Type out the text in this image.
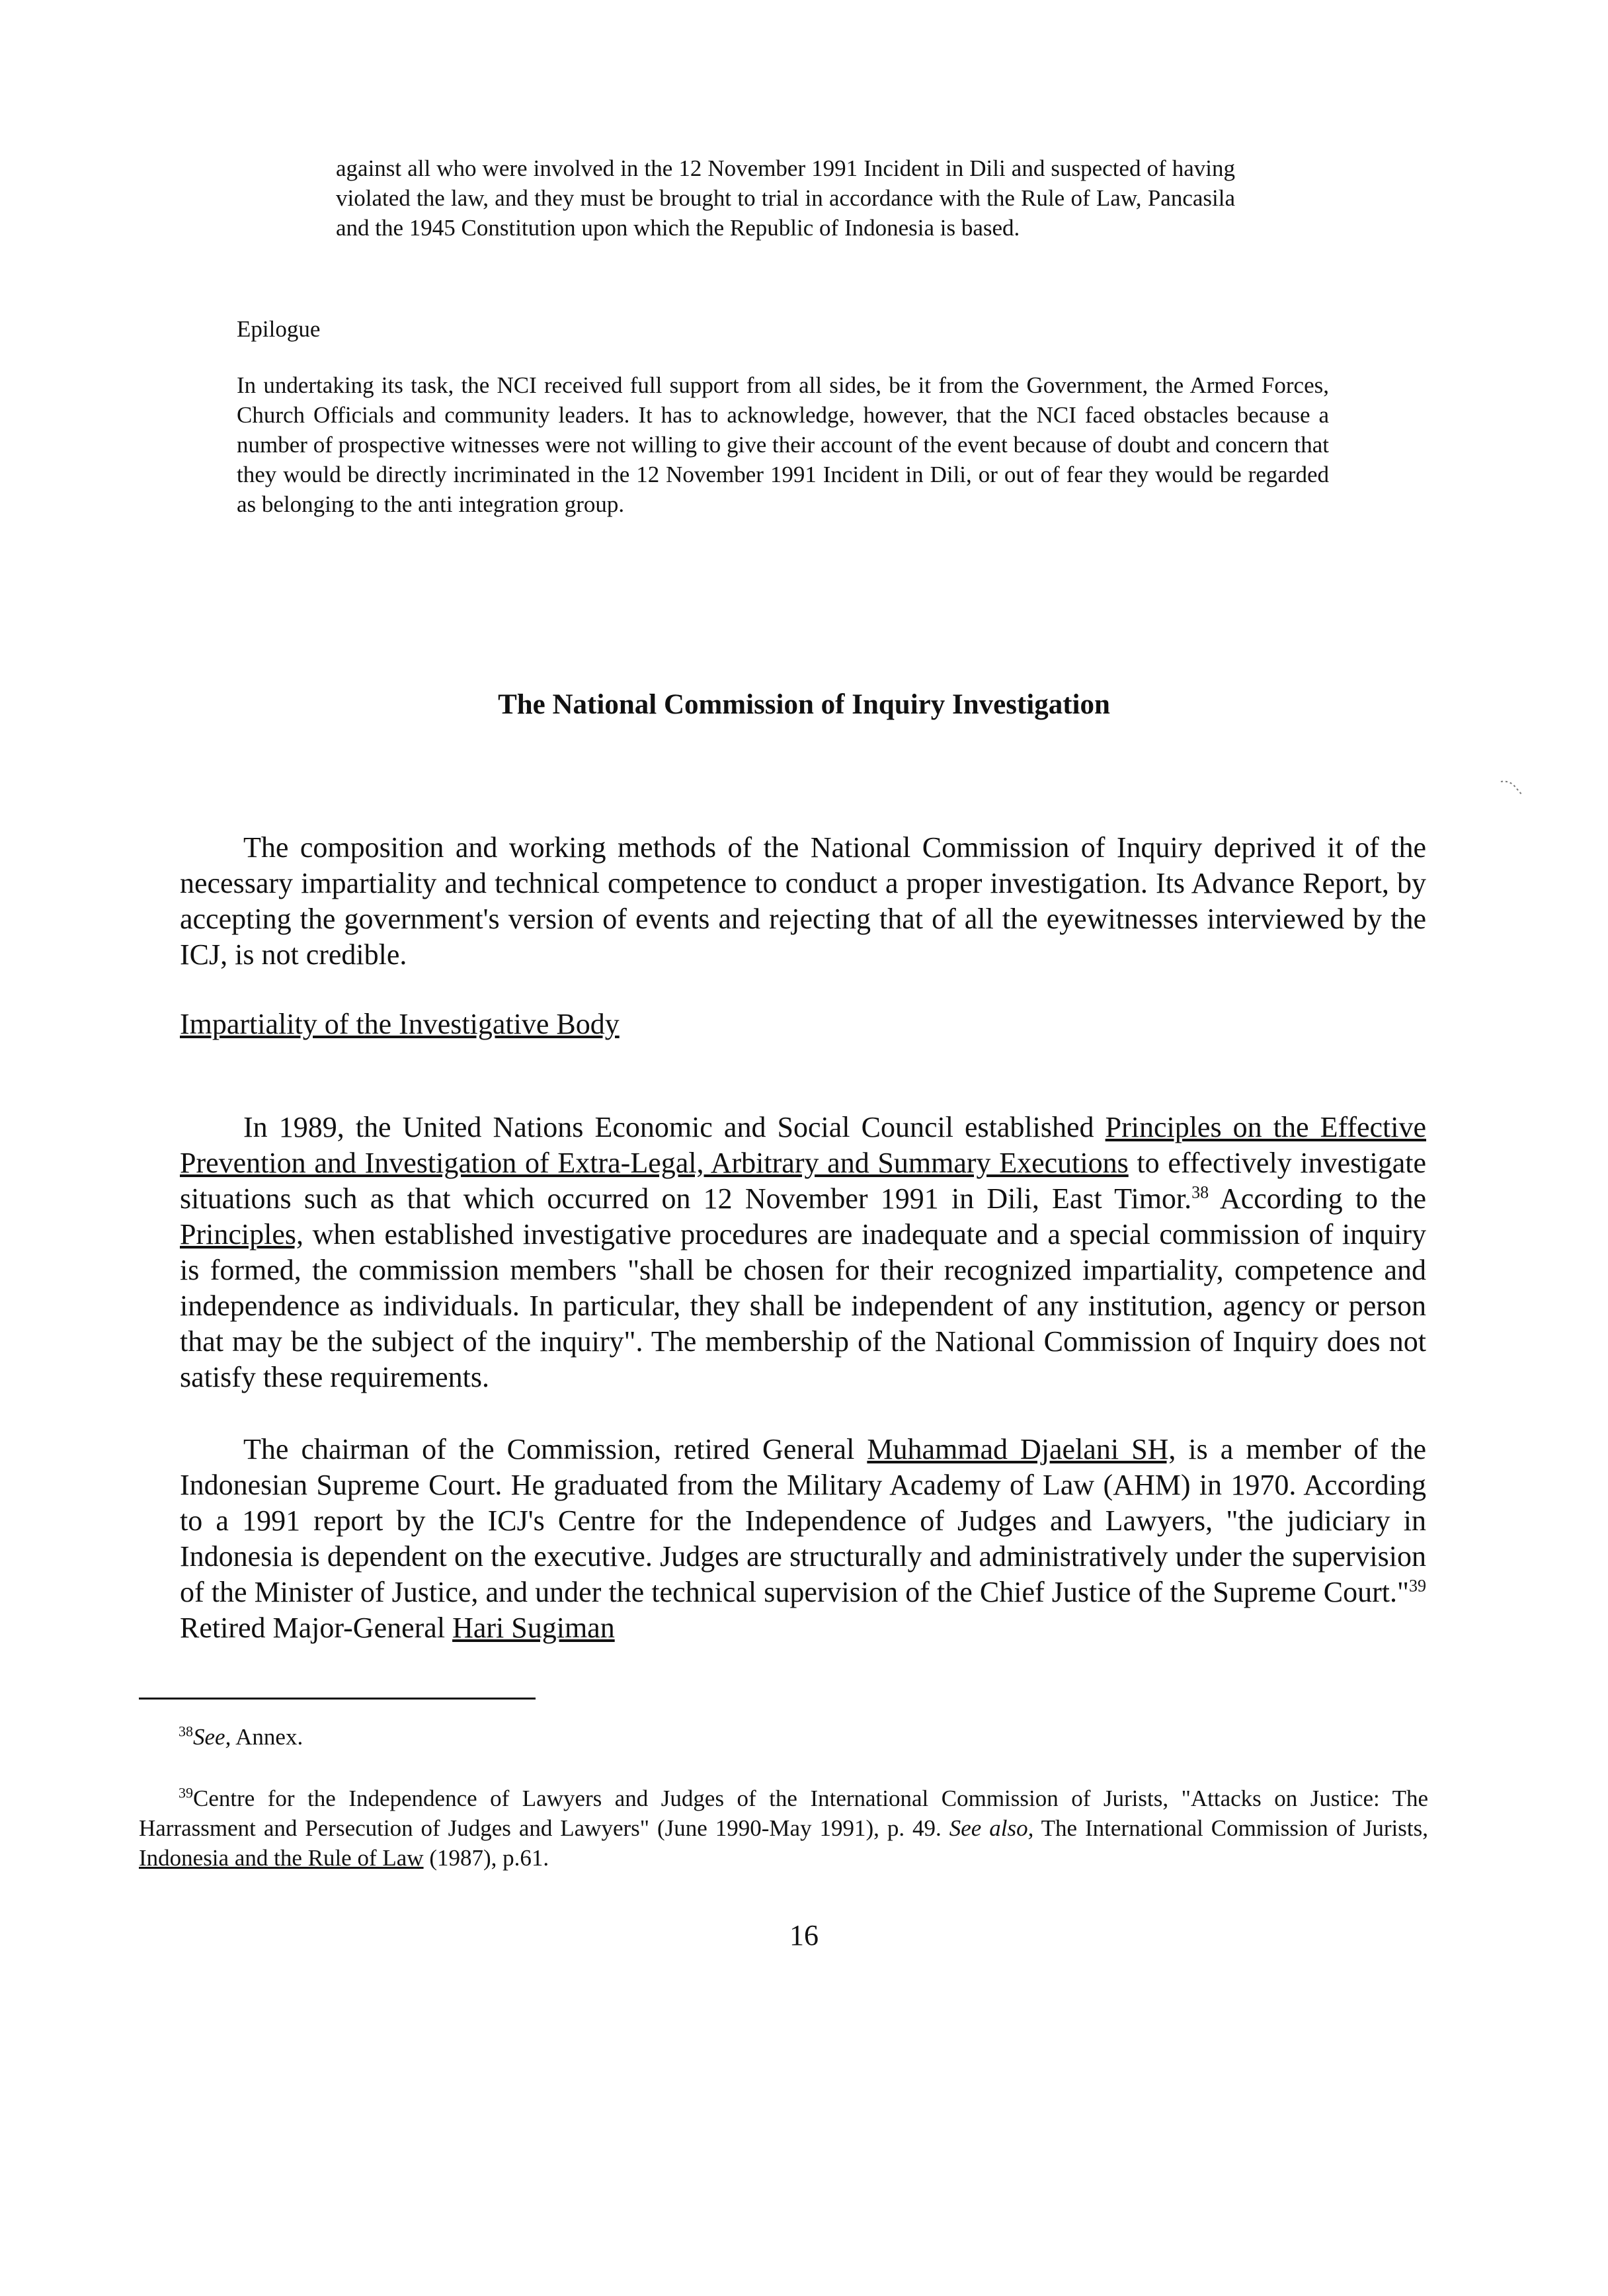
against all who were involved in the 12 November 1991 Incident in Dili and suspected of having violated the law, and they must be brought to trial in accordance with the Rule of Law, Pancasila and the 1945 Constitution upon which the Republic of Indonesia is based.
Epilogue
In undertaking its task, the NCI received full support from all sides, be it from the Government, the Armed Forces, Church Officials and community leaders. It has to acknowledge, however, that the NCI faced obstacles because a number of prospective witnesses were not willing to give their account of the event because of doubt and concern that they would be directly incriminated in the 12 November 1991 Incident in Dili, or out of fear they would be regarded as belonging to the anti integration group.
The National Commission of Inquiry Investigation
The composition and working methods of the National Commission of Inquiry deprived it of the necessary impartiality and technical competence to conduct a proper investigation. Its Advance Report, by accepting the government's version of events and rejecting that of all the eyewitnesses interviewed by the ICJ, is not credible.
Impartiality of the Investigative Body
In 1989, the United Nations Economic and Social Council established Principles on the Effective Prevention and Investigation of Extra-Legal, Arbitrary and Summary Executions to effectively investigate situations such as that which occurred on 12 November 1991 in Dili, East Timor.$^{38}$ According to the Principles, when established investigative procedures are inadequate and a special commission of inquiry is formed, the commission members "shall be chosen for their recognized impartiality, competence and independence as individuals. In particular, they shall be independent of any institution, agency or person that may be the subject of the inquiry". The membership of the National Commission of Inquiry does not satisfy these requirements.
The chairman of the Commission, retired General Muhammad Djaelani SH, is a member of the Indonesian Supreme Court. He graduated from the Military Academy of Law (AHM) in 1970. According to a 1991 report by the ICJ's Centre for the Independence of Judges and Lawyers, "the judiciary in Indonesia is dependent on the executive. Judges are structurally and administratively under the supervision of the Minister of Justice, and under the technical supervision of the Chief Justice of the Supreme Court."$^{39}$ Retired Major-General Hari Sugiman
$^{38}$See, Annex.
$^{39}$Centre for the Independence of Lawyers and Judges of the International Commission of Jurists, "Attacks on Justice: The Harrassment and Persecution of Judges and Lawyers" (June 1990-May 1991), p. 49. See also, The International Commission of Jurists, Indonesia and the Rule of Law (1987), p.61.
16
